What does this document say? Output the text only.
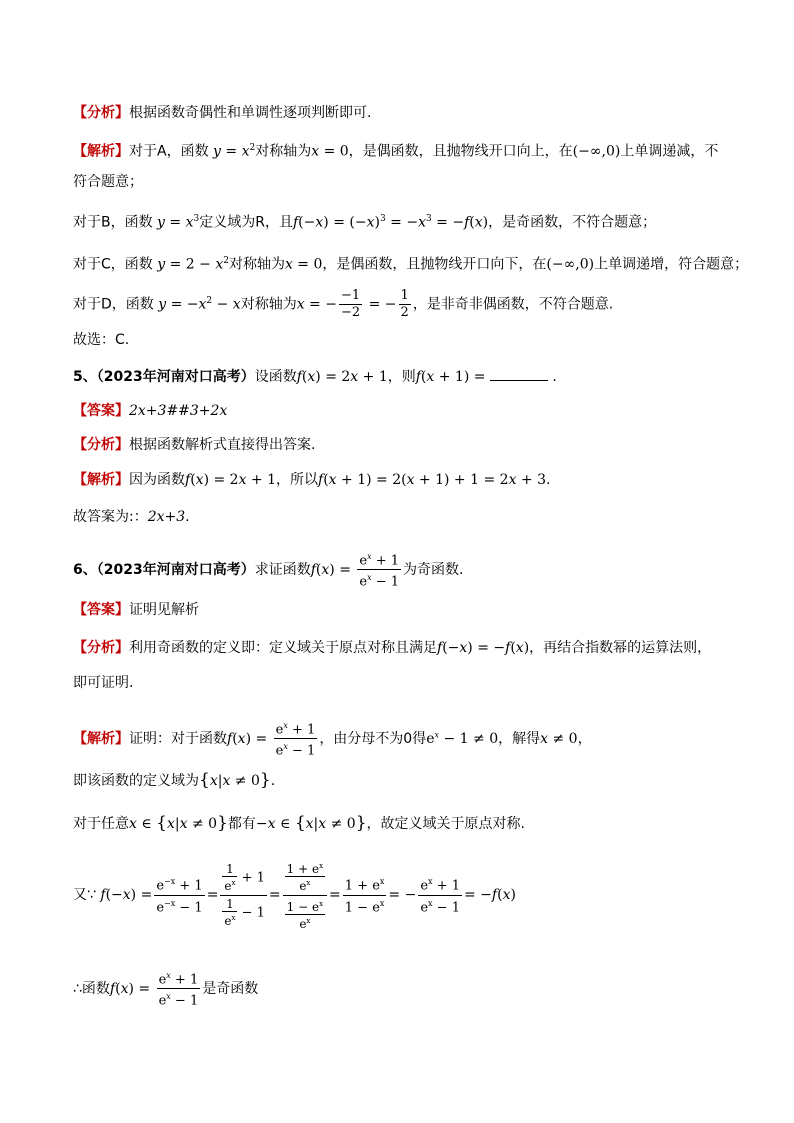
【分析】根据函数奇偶性和单调性逐项判断即可.
【解析】对于A，函数 $y = x^2$对称轴为x = 0，是偶函数，且抛物线开口向上，在(−∞,0)上单调递减，不
符合题意；
对于B，函数 $y = x^3$定义域为R，且$f(-x) = (-x)^3 = -x^3 = -f(x)$，是奇函数，不符合题意；
对于C，函数 $y = 2 - x^2$对称轴为x = 0，是偶函数，且抛物线开口向下，在(−∞,0)上单调递增，符合题意；
对于D，函数 $y = -x^2 - x$对称轴为x = − $\frac{-1}{-2}$ = − $\frac{1}{2}$ ，是非奇非偶函数，不符合题意.
故选：C.
5、（2023年河南对口高考）设函数f(x) = 2x + 1，则f(x + 1) =	.
【答案】2x+3##3+2x
【分析】根据函数解析式直接得出答案.
【解析】因为函数f(x) = 2x + 1，所以f(x + 1) = 2(x + 1) + 1 = 2x + 3.
故答案为:：2x+3.
6、（2023年河南对口高考）求证函数$f(x) = \frac{e^x + 1}{e^x - 1}$ 为奇函数.
【答案】证明见解析
【分析】利用奇函数的定义即：定义域关于原点对称且满足f(−x) = −f(x)，再结合指数幂的运算法则，
即可证明.
【解析】证明：对于函数$f(x) = \frac{e^x + 1}{e^x - 1}$ ，由分母不为0得$e^x - 1 \ne 0$，解得x ≠ 0，
即该函数的定义域为{x|x ≠ 0}.
对于任意x ∈ {x|x ≠ 0}都有−x ∈ {x|x ≠ 0}，故定义域关于原点对称.
又∵ f (− x ) = $\frac{e^{-x} + 1}{e^{-x} - 1} = \frac{\frac{1}{e^x} + 1}{\frac{1}{e^x} - 1} = \frac{\frac{1 + e^x}{e^x}}{\frac{1 - e^x}{e^x}} = \frac{1 + e^x}{1 - e^x}$ = − $\frac{e^x + 1}{e^x - 1}$ = − f ( x )
∴函数$f(x) = \frac{e^x + 1}{e^x - 1}$ 是奇函数
